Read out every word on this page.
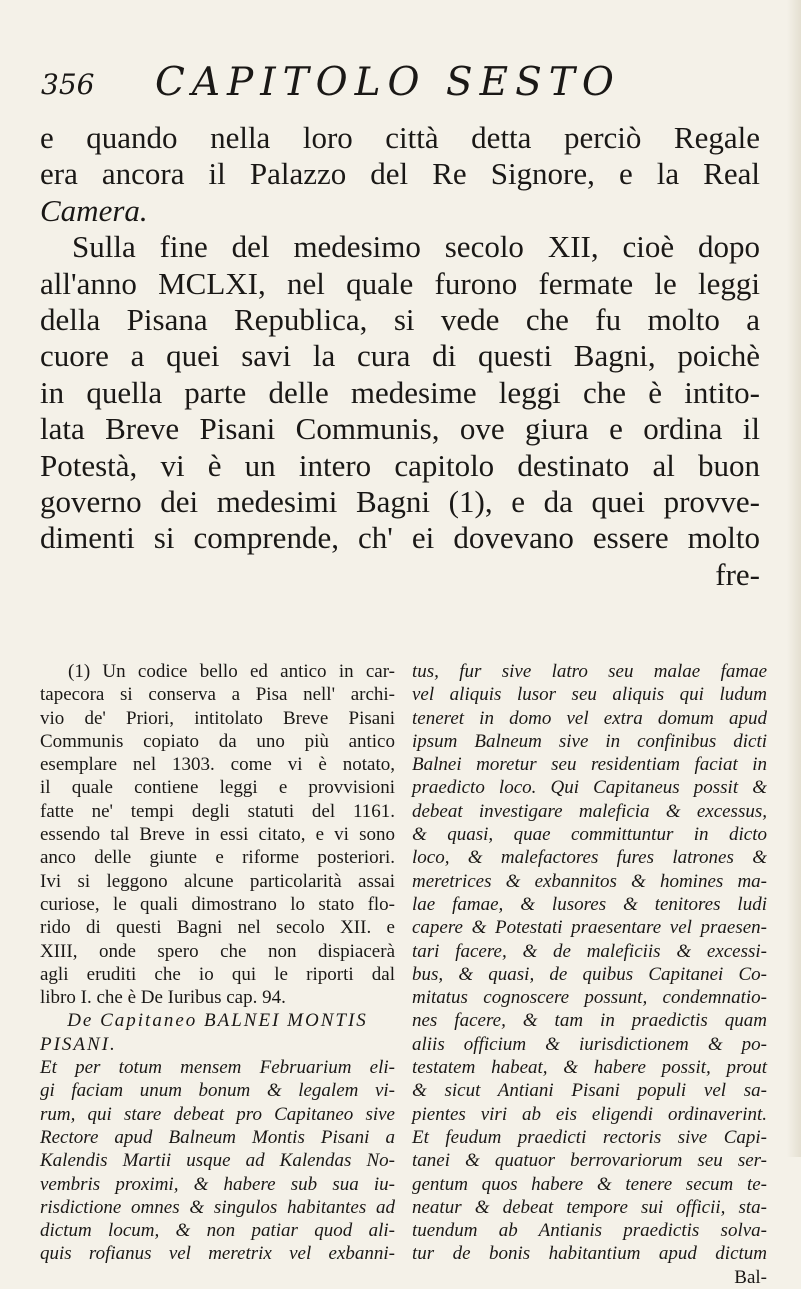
356 CAPITOLO SESTO
e quando nella loro città detta perciò Regale
era ancora il Palazzo del Re Signore, e la Real
Camera.
Sulla fine del medesimo secolo XII, cioè dopo
all'anno MCLXI, nel quale furono fermate le leggi
della Pisana Republica, si vede che fu molto a
cuore a quei savi la cura di questi Bagni, poichè
in quella parte delle medesime leggi che è intito-
lata Breve Pisani Communis, ove giura e ordina il
Potestà, vi è un intero capitolo destinato al buon
governo dei medesimi Bagni (1), e da quei provve-
dimenti si comprende, ch' ei dovevano essere molto
fre-
(1) Un codice bello ed antico in car-
tapecora si conserva a Pisa nell' archi-
vio de' Priori, intitolato Breve Pisani
Communis copiato da uno più antico
esemplare nel 1303. come vi è notato,
il quale contiene leggi e provvisioni
fatte ne' tempi degli statuti del 1161.
essendo tal Breve in essi citato, e vi sono
anco delle giunte e riforme posteriori.
Ivi si leggono alcune particolarità assai
curiose, le quali dimostrano lo stato flo-
rido di questi Bagni nel secolo XII. e
XIII, onde spero che non dispiacerà
agli eruditi che io qui le riporti dal
libro I. che è De Iuribus cap. 94.
De Capitaneo BALNEI MONTIS
PISANI.
Et per totum mensem Februarium eli-
gi faciam unum bonum & legalem vi-
rum, qui stare debeat pro Capitaneo sive
Rectore apud Balneum Montis Pisani a
Kalendis Martii usque ad Kalendas No-
vembris proximi, & habere sub sua iu-
risdictione omnes & singulos habitantes ad
dictum locum, & non patiar quod ali-
quis rofianus vel meretrix vel exbanni-
tus, fur sive latro seu malae famae
vel aliquis lusor seu aliquis qui ludum
teneret in domo vel extra domum apud
ipsum Balneum sive in confinibus dicti
Balnei moretur seu residentiam faciat in
praedicto loco. Qui Capitaneus possit &
debeat investigare maleficia & excessus,
& quasi, quae committuntur in dicto
loco, & malefactores fures latrones &
meretrices & exbannitos & homines ma-
lae famae, & lusores & tenitores ludi
capere & Potestati praesentare vel praesen-
tari facere, & de maleficiis & excessi-
bus, & quasi, de quibus Capitanei Co-
mitatus cognoscere possunt, condemnatio-
nes facere, & tam in praedictis quam
aliis officium & iurisdictionem & po-
testatem habeat, & habere possit, prout
& sicut Antiani Pisani populi vel sa-
pientes viri ab eis eligendi ordinaverint.
Et feudum praedicti rectoris sive Capi-
tanei & quatuor berrovariorum seu ser-
gentum quos habere & tenere secum te-
neatur & debeat tempore sui officii, sta-
tuendum ab Antianis praedictis solva-
tur de bonis habitantium apud dictum
Bal-
